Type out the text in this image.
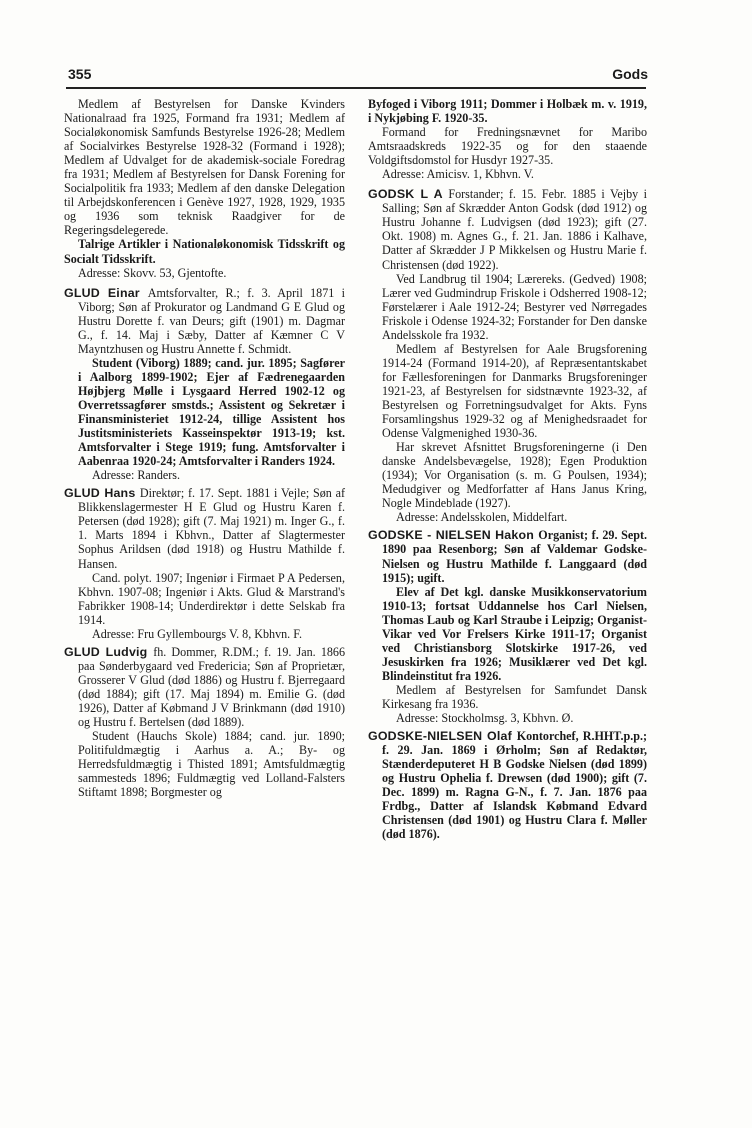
355	Gods

Medlem af Bestyrelsen for Danske Kvinders Nationalraad fra 1925, Formand fra 1931; Medlem af Socialøkonomisk Samfunds Bestyrelse 1926-28; Medlem af Socialvirkes Bestyrelse 1928-32 (Formand i 1928); Medlem af Udvalget for de akademisk-sociale Foredrag fra 1931; Medlem af Bestyrelsen for Dansk Forening for Socialpolitik fra 1933; Medlem af den danske Delegation til Arbejdskonferencen i Genève 1927, 1928, 1929, 1935 og 1936 som teknisk Raadgiver for de Regeringsdelegerede.

Talrige Artikler i Nationaløkonomisk Tidsskrift og Socialt Tidsskrift.

Adresse: Skovv. 53, Gjentofte.

GLUD Einar Amtsforvalter, R.; f. 3. April 1871 i Viborg; Søn af Prokurator og Landmand G E Glud og Hustru Dorette f. van Deurs; gift (1901) m. Dagmar G., f. 14. Maj i Sæby, Datter af Kæmner C V Mayntzhusen og Hustru Annette f. Schmidt.

Student (Viborg) 1889; cand. jur. 1895; Sagfører i Aalborg 1899-1902; Ejer af Fædrenegaarden Højbjerg Mølle i Lysgaard Herred 1902-12 og Overretssagfører smstds.; Assistent og Sekretær i Finansministeriet 1912-24, tillige Assistent hos Justitsministeriets Kasseinspektør 1913-19; kst. Amtsforvalter i Stege 1919; fung. Amtsforvalter i Aabenraa 1920-24; Amtsforvalter i Randers 1924.

Adresse: Randers.

GLUD Hans Direktør; f. 17. Sept. 1881 i Vejle; Søn af Blikkenslagermester H E Glud og Hustru Karen f. Petersen (død 1928); gift (7. Maj 1921) m. Inger G., f. 1. Marts 1894 i Kbhvn., Datter af Slagtermester Sophus Arildsen (død 1918) og Hustru Mathilde f. Hansen.

Cand. polyt. 1907; Ingeniør i Firmaet P A Pedersen, Kbhvn. 1907-08; Ingeniør i Akts. Glud & Marstrand's Fabrikker 1908-14; Underdirektør i dette Selskab fra 1914.

Adresse: Fru Gyllembourgs V. 8, Kbhvn. F.

GLUD Ludvig fh. Dommer, R.DM.; f. 19. Jan. 1866 paa Sønderbygaard ved Fredericia; Søn af Proprietær, Grosserer V Glud (død 1886) og Hustru f. Bjerregaard (død 1884); gift (17. Maj 1894) m. Emilie G. (død 1926), Datter af Købmand J V Brinkmann (død 1910) og Hustru f. Bertelsen (død 1889).

Student (Hauchs Skole) 1884; cand. jur. 1890; Politifuldmægtig i Aarhus a. A.; By- og Herredsfuldmægtig i Thisted 1891; Amtsfuldmægtig sammesteds 1896; Fuldmægtig ved Lolland-Falsters Stiftamt 1898; Borgmester og

Byfoged i Viborg 1911; Dommer i Holbæk m. v. 1919, i Nykjøbing F. 1920-35.

Formand for Fredningsnævnet for Maribo Amtsraadskreds 1922-35 og for den staaende Voldgiftsdomstol for Husdyr 1927-35.

Adresse: Amicisv. 1, Kbhvn. V.

GODSK L A Forstander; f. 15. Febr. 1885 i Vejby i Salling; Søn af Skrædder Anton Godsk (død 1912) og Hustru Johanne f. Ludvigsen (død 1923); gift (27. Okt. 1908) m. Agnes G., f. 21. Jan. 1886 i Kalhave, Datter af Skrædder J P Mikkelsen og Hustru Marie f. Christensen (død 1922).

Ved Landbrug til 1904; Lærereks. (Gedved) 1908; Lærer ved Gudmindrup Friskole i Odsherred 1908-12; Førstelærer i Aale 1912-24; Bestyrer ved Nørregades Friskole i Odense 1924-32; Forstander for Den danske Andelsskole fra 1932.

Medlem af Bestyrelsen for Aale Brugsforening 1914-24 (Formand 1914-20), af Repræsentantskabet for Fællesforeningen for Danmarks Brugsforeninger 1921-23, af Bestyrelsen for sidstnævnte 1923-32, af Bestyrelsen og Forretningsudvalget for Akts. Fyns Forsamlingshus 1929-32 og af Menighedsraadet for Odense Valgmenighed 1930-36.

Har skrevet Afsnittet Brugsforeningerne (i Den danske Andelsbevægelse, 1928); Egen Produktion (1934); Vor Organisation (s. m. G Poulsen, 1934); Medudgiver og Medforfatter af Hans Janus Kring, Nogle Mindeblade (1927).

Adresse: Andelsskolen, Middelfart.

GODSKE - NIELSEN Hakon Organist; f. 29. Sept. 1890 paa Resenborg; Søn af Valdemar Godske-Nielsen og Hustru Mathilde f. Langgaard (død 1915); ugift.

Elev af Det kgl. danske Musikkonservatorium 1910-13; fortsat Uddannelse hos Carl Nielsen, Thomas Laub og Karl Straube i Leipzig; Organist-Vikar ved Vor Frelsers Kirke 1911-17; Organist ved Christiansborg Slotskirke 1917-26, ved Jesuskirken fra 1926; Musiklærer ved Det kgl. Blindeinstitut fra 1926.

Medlem af Bestyrelsen for Samfundet Dansk Kirkesang fra 1936.

Adresse: Stockholmsg. 3, Kbhvn. Ø.

GODSKE-NIELSEN Olaf Kontorchef, R.HHT.p.p.; f. 29. Jan. 1869 i Ørholm; Søn af Redaktør, Stænderdeputeret H B Godske Nielsen (død 1899) og Hustru Ophelia f. Drewsen (død 1900); gift (7. Dec. 1899) m. Ragna G-N., f. 7. Jan. 1876 paa Frdbg., Datter af Islandsk Købmand Edvard Christensen (død 1901) og Hustru Clara f. Møller (død 1876).
